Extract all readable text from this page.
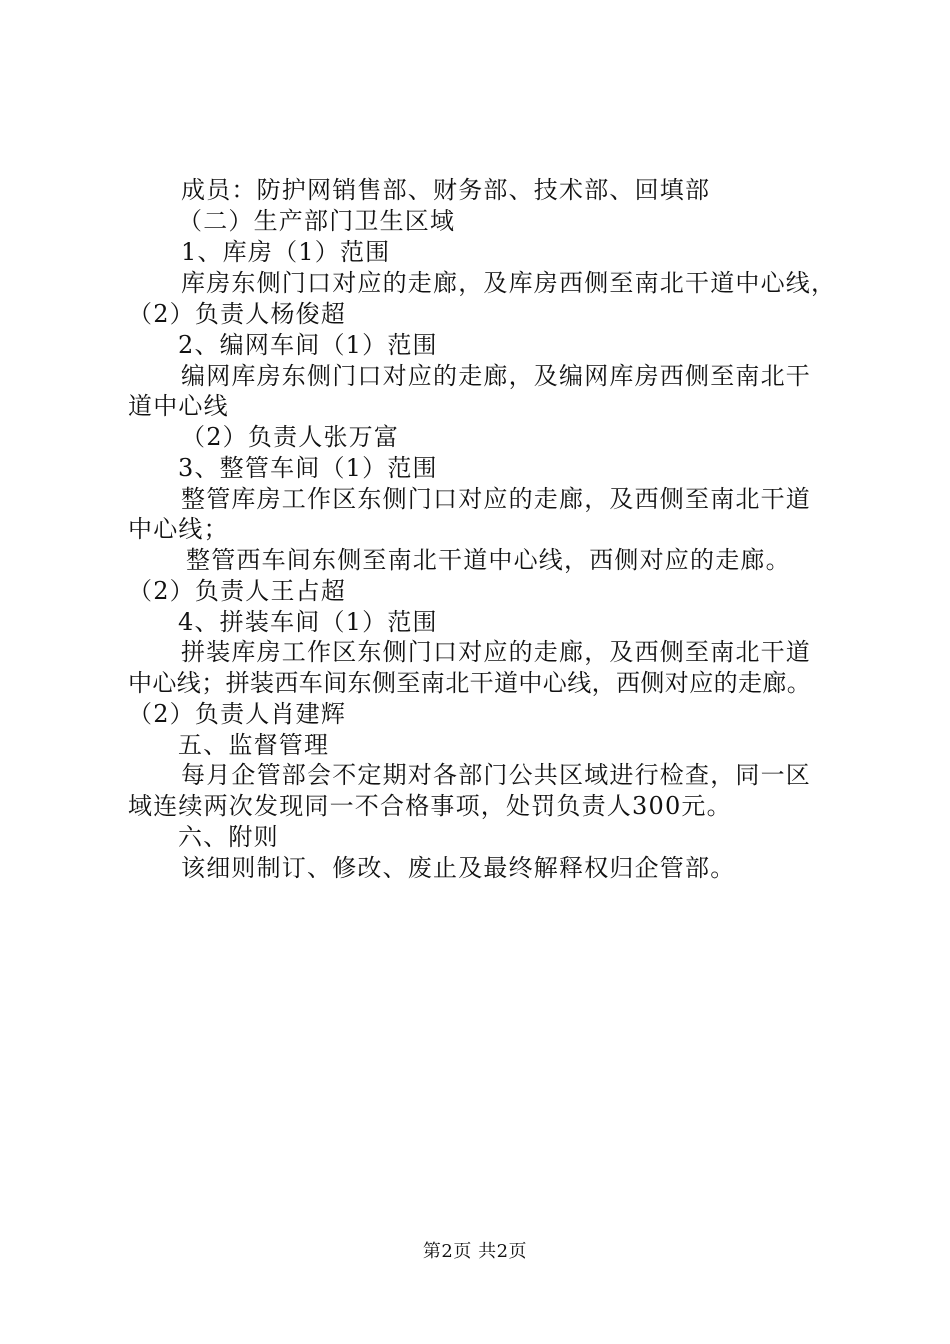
成员：防护网销售部、财务部、技术部、回填部
（二）生产部门卫生区域
1、库房（1）范围
库房东侧门口对应的走廊，及库房西侧至南北干道中心线，
（2）负责人杨俊超
2、编网车间（1）范围
编网库房东侧门口对应的走廊，及编网库房西侧至南北干
道中心线
（2）负责人张万富
3、整管车间（1）范围
整管库房工作区东侧门口对应的走廊，及西侧至南北干道
中心线；
整管西车间东侧至南北干道中心线，西侧对应的走廊。
（2）负责人王占超
4、拼装车间（1）范围
拼装库房工作区东侧门口对应的走廊，及西侧至南北干道
中心线；拼装西车间东侧至南北干道中心线，西侧对应的走廊。
（2）负责人肖建辉
五、监督管理
每月企管部会不定期对各部门公共区域进行检查，同一区
域连续两次发现同一不合格事项，处罚负责人300元。
六、附则
该细则制订、修改、废止及最终解释权归企管部。
第2页 共2页
